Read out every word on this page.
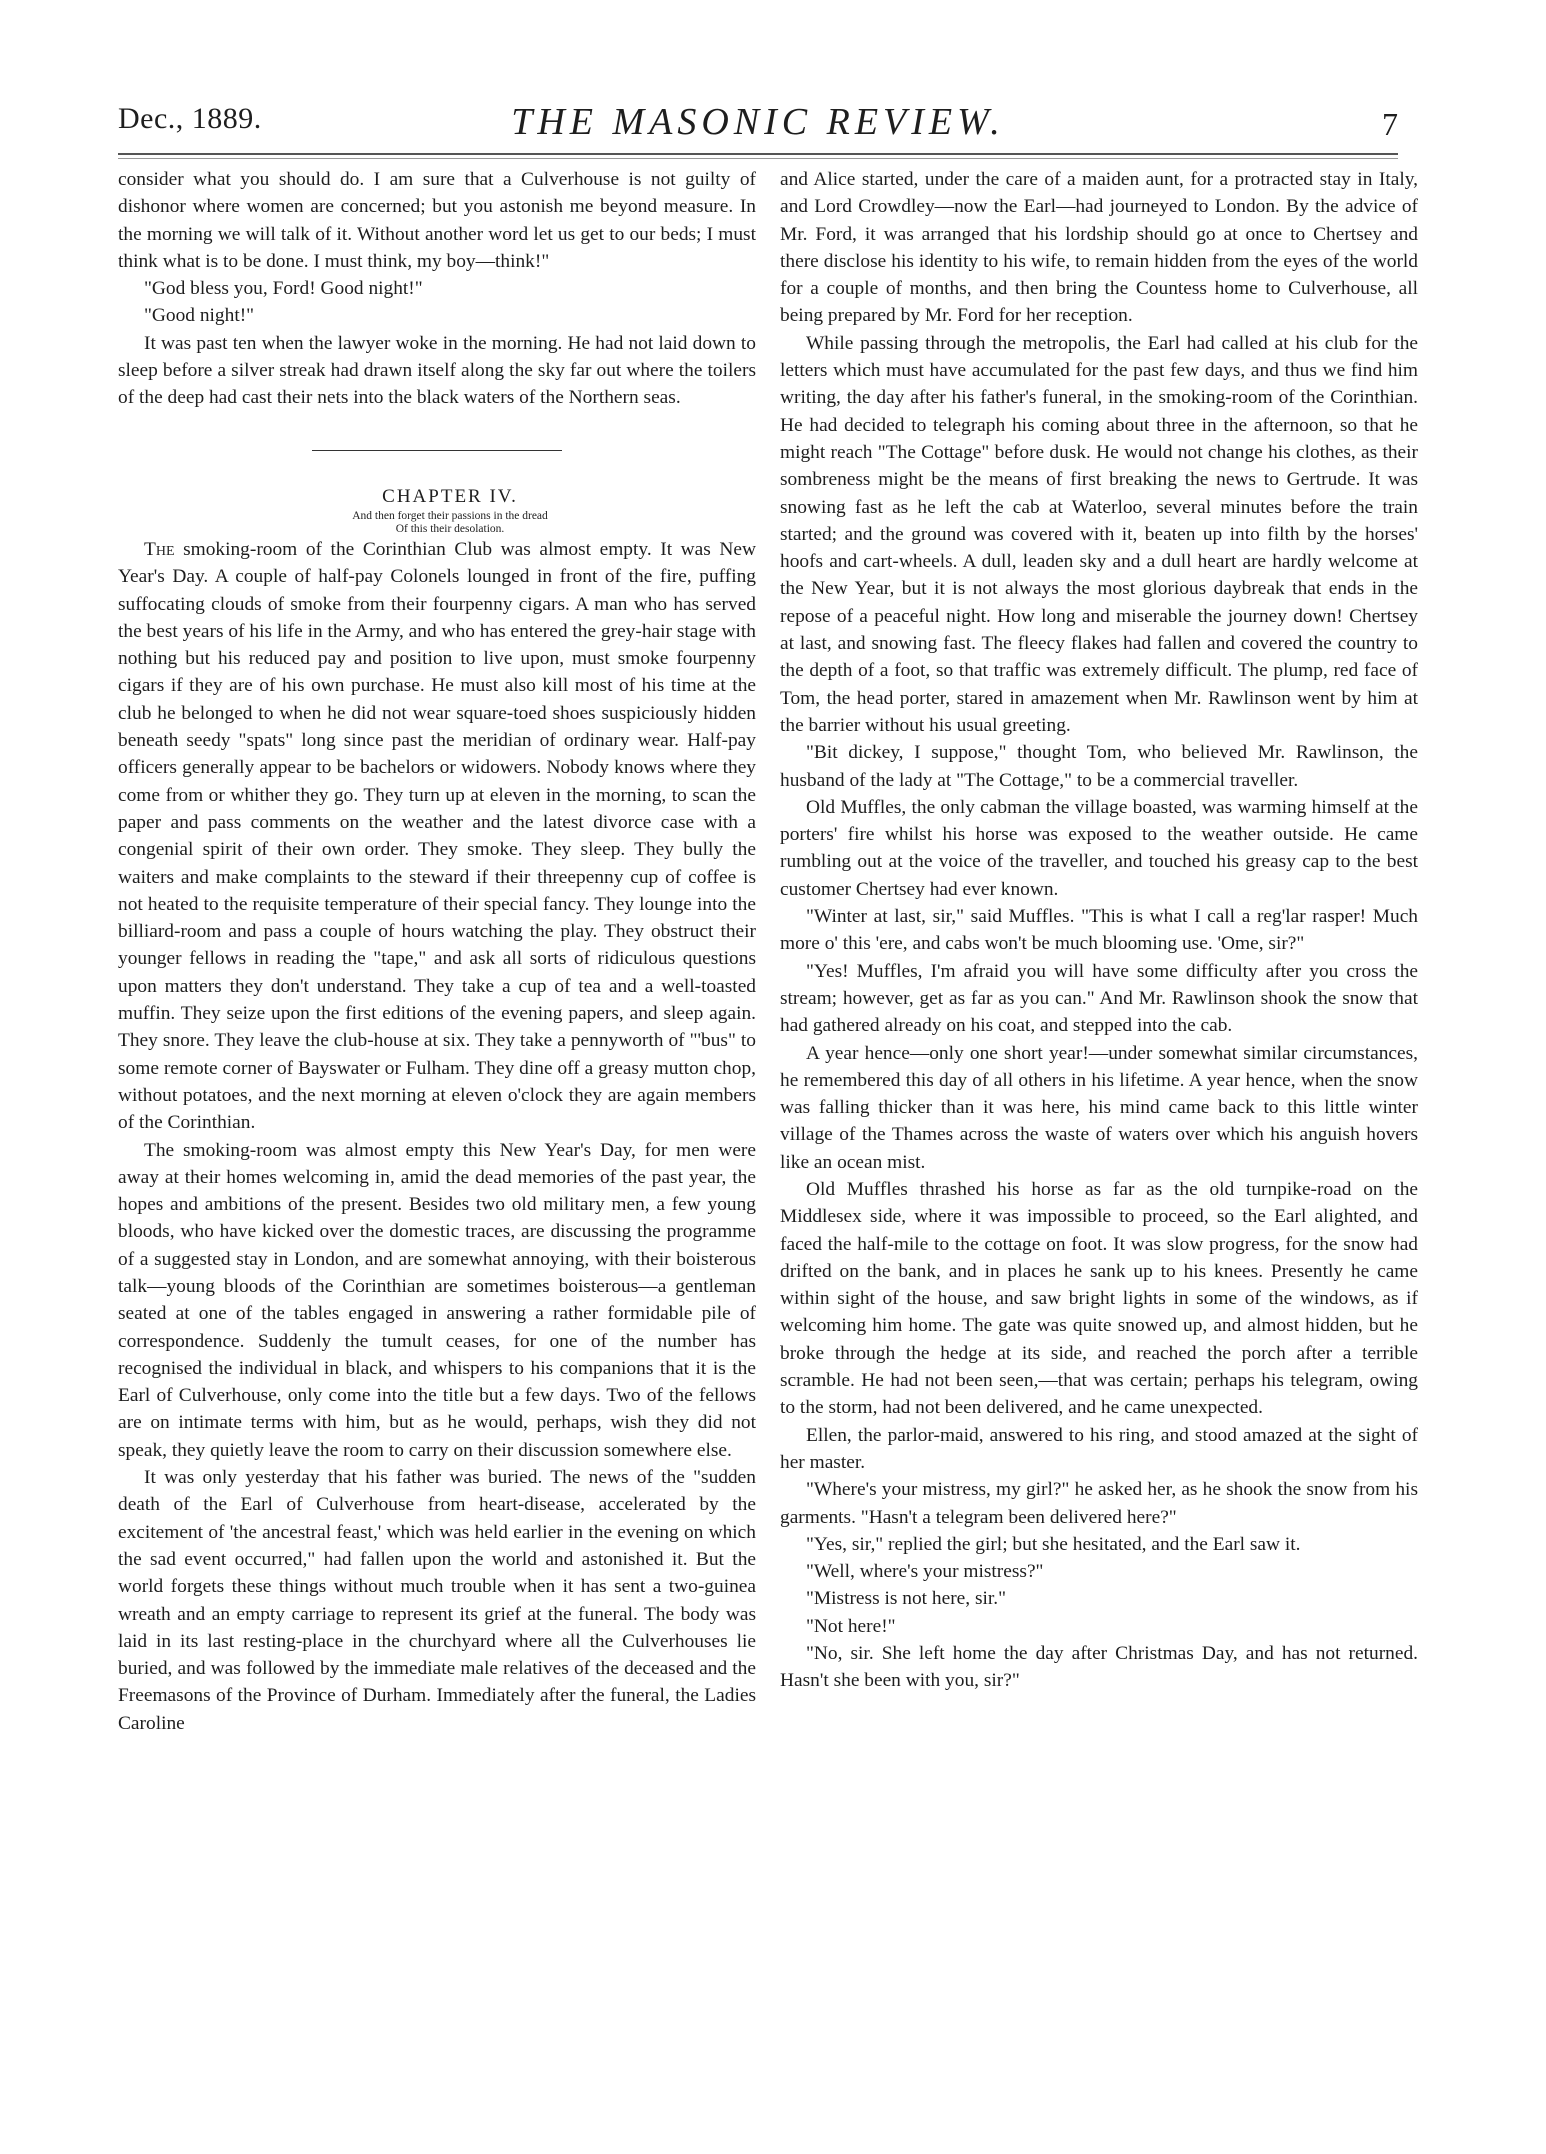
Dec., 1889.	THE MASONIC REVIEW.	7

consider what you should do. I am sure that a Culverhouse is not guilty of dishonor where women are concerned; but you astonish me beyond measure. In the morning we will talk of it. Without another word let us get to our beds; I must think what is to be done. I must think, my boy—think!"

"God bless you, Ford! Good night!"

"Good night!"

It was past ten when the lawyer woke in the morning. He had not laid down to sleep before a silver streak had drawn itself along the sky far out where the toilers of the deep had cast their nets into the black waters of the Northern seas.

CHAPTER IV.

And then forget their passions in the dread
Of this their desolation.

The smoking-room of the Corinthian Club was almost empty. It was New Year's Day. A couple of half-pay Colonels lounged in front of the fire, puffing suffocating clouds of smoke from their fourpenny cigars. A man who has served the best years of his life in the Army, and who has entered the grey-hair stage with nothing but his reduced pay and position to live upon, must smoke fourpenny cigars if they are of his own purchase. He must also kill most of his time at the club he belonged to when he did not wear square-toed shoes suspiciously hidden beneath seedy "spats" long since past the meridian of ordinary wear. Half-pay officers generally appear to be bachelors or widowers. Nobody knows where they come from or whither they go. They turn up at eleven in the morning, to scan the paper and pass comments on the weather and the latest divorce case with a congenial spirit of their own order. They smoke. They sleep. They bully the waiters and make complaints to the steward if their threepenny cup of coffee is not heated to the requisite temperature of their special fancy. They lounge into the billiard-room and pass a couple of hours watching the play. They obstruct their younger fellows in reading the "tape," and ask all sorts of ridiculous questions upon matters they don't understand. They take a cup of tea and a well-toasted muffin. They seize upon the first editions of the evening papers, and sleep again. They snore. They leave the club-house at six. They take a pennyworth of "'bus" to some remote corner of Bayswater or Fulham. They dine off a greasy mutton chop, without potatoes, and the next morning at eleven o'clock they are again members of the Corinthian.

The smoking-room was almost empty this New Year's Day, for men were away at their homes welcoming in, amid the dead memories of the past year, the hopes and ambitions of the present. Besides two old military men, a few young bloods, who have kicked over the domestic traces, are discussing the programme of a suggested stay in London, and are somewhat annoying, with their boisterous talk—young bloods of the Corinthian are sometimes boisterous—a gentleman seated at one of the tables engaged in answering a rather formidable pile of correspondence. Suddenly the tumult ceases, for one of the number has recognised the individual in black, and whispers to his companions that it is the Earl of Culverhouse, only come into the title but a few days. Two of the fellows are on intimate terms with him, but as he would, perhaps, wish they did not speak, they quietly leave the room to carry on their discussion somewhere else.

It was only yesterday that his father was buried. The news of the "sudden death of the Earl of Culverhouse from heart-disease, accelerated by the excitement of 'the ancestral feast,' which was held earlier in the evening on which the sad event occurred," had fallen upon the world and astonished it. But the world forgets these things without much trouble when it has sent a two-guinea wreath and an empty carriage to represent its grief at the funeral. The body was laid in its last resting-place in the churchyard where all the Culverhouses lie buried, and was followed by the immediate male relatives of the deceased and the Freemasons of the Province of Durham. Immediately after the funeral, the Ladies Caroline

and Alice started, under the care of a maiden aunt, for a protracted stay in Italy, and Lord Crowdley—now the Earl—had journeyed to London. By the advice of Mr. Ford, it was arranged that his lordship should go at once to Chertsey and there disclose his identity to his wife, to remain hidden from the eyes of the world for a couple of months, and then bring the Countess home to Culverhouse, all being prepared by Mr. Ford for her reception.

While passing through the metropolis, the Earl had called at his club for the letters which must have accumulated for the past few days, and thus we find him writing, the day after his father's funeral, in the smoking-room of the Corinthian. He had decided to telegraph his coming about three in the afternoon, so that he might reach "The Cottage" before dusk. He would not change his clothes, as their sombreness might be the means of first breaking the news to Gertrude. It was snowing fast as he left the cab at Waterloo, several minutes before the train started; and the ground was covered with it, beaten up into filth by the horses' hoofs and cart-wheels. A dull, leaden sky and a dull heart are hardly welcome at the New Year, but it is not always the most glorious daybreak that ends in the repose of a peaceful night. How long and miserable the journey down! Chertsey at last, and snowing fast. The fleecy flakes had fallen and covered the country to the depth of a foot, so that traffic was extremely difficult. The plump, red face of Tom, the head porter, stared in amazement when Mr. Rawlinson went by him at the barrier without his usual greeting.

"Bit dickey, I suppose," thought Tom, who believed Mr. Rawlinson, the husband of the lady at "The Cottage," to be a commercial traveller.

Old Muffles, the only cabman the village boasted, was warming himself at the porters' fire whilst his horse was exposed to the weather outside. He came rumbling out at the voice of the traveller, and touched his greasy cap to the best customer Chertsey had ever known.

"Winter at last, sir," said Muffles. "This is what I call a reg'lar rasper! Much more o' this 'ere, and cabs won't be much blooming use. 'Ome, sir?"

"Yes! Muffles, I'm afraid you will have some difficulty after you cross the stream; however, get as far as you can." And Mr. Rawlinson shook the snow that had gathered already on his coat, and stepped into the cab.

A year hence—only one short year!—under somewhat similar circumstances, he remembered this day of all others in his lifetime. A year hence, when the snow was falling thicker than it was here, his mind came back to this little winter village of the Thames across the waste of waters over which his anguish hovers like an ocean mist.

Old Muffles thrashed his horse as far as the old turnpike-road on the Middlesex side, where it was impossible to proceed, so the Earl alighted, and faced the half-mile to the cottage on foot. It was slow progress, for the snow had drifted on the bank, and in places he sank up to his knees. Presently he came within sight of the house, and saw bright lights in some of the windows, as if welcoming him home. The gate was quite snowed up, and almost hidden, but he broke through the hedge at its side, and reached the porch after a terrible scramble. He had not been seen,—that was certain; perhaps his telegram, owing to the storm, had not been delivered, and he came unexpected.

Ellen, the parlor-maid, answered to his ring, and stood amazed at the sight of her master.

"Where's your mistress, my girl?" he asked her, as he shook the snow from his garments. "Hasn't a telegram been delivered here?"

"Yes, sir," replied the girl; but she hesitated, and the Earl saw it.

"Well, where's your mistress?"

"Mistress is not here, sir."

"Not here!"

"No, sir. She left home the day after Christmas Day, and has not returned. Hasn't she been with you, sir?"
